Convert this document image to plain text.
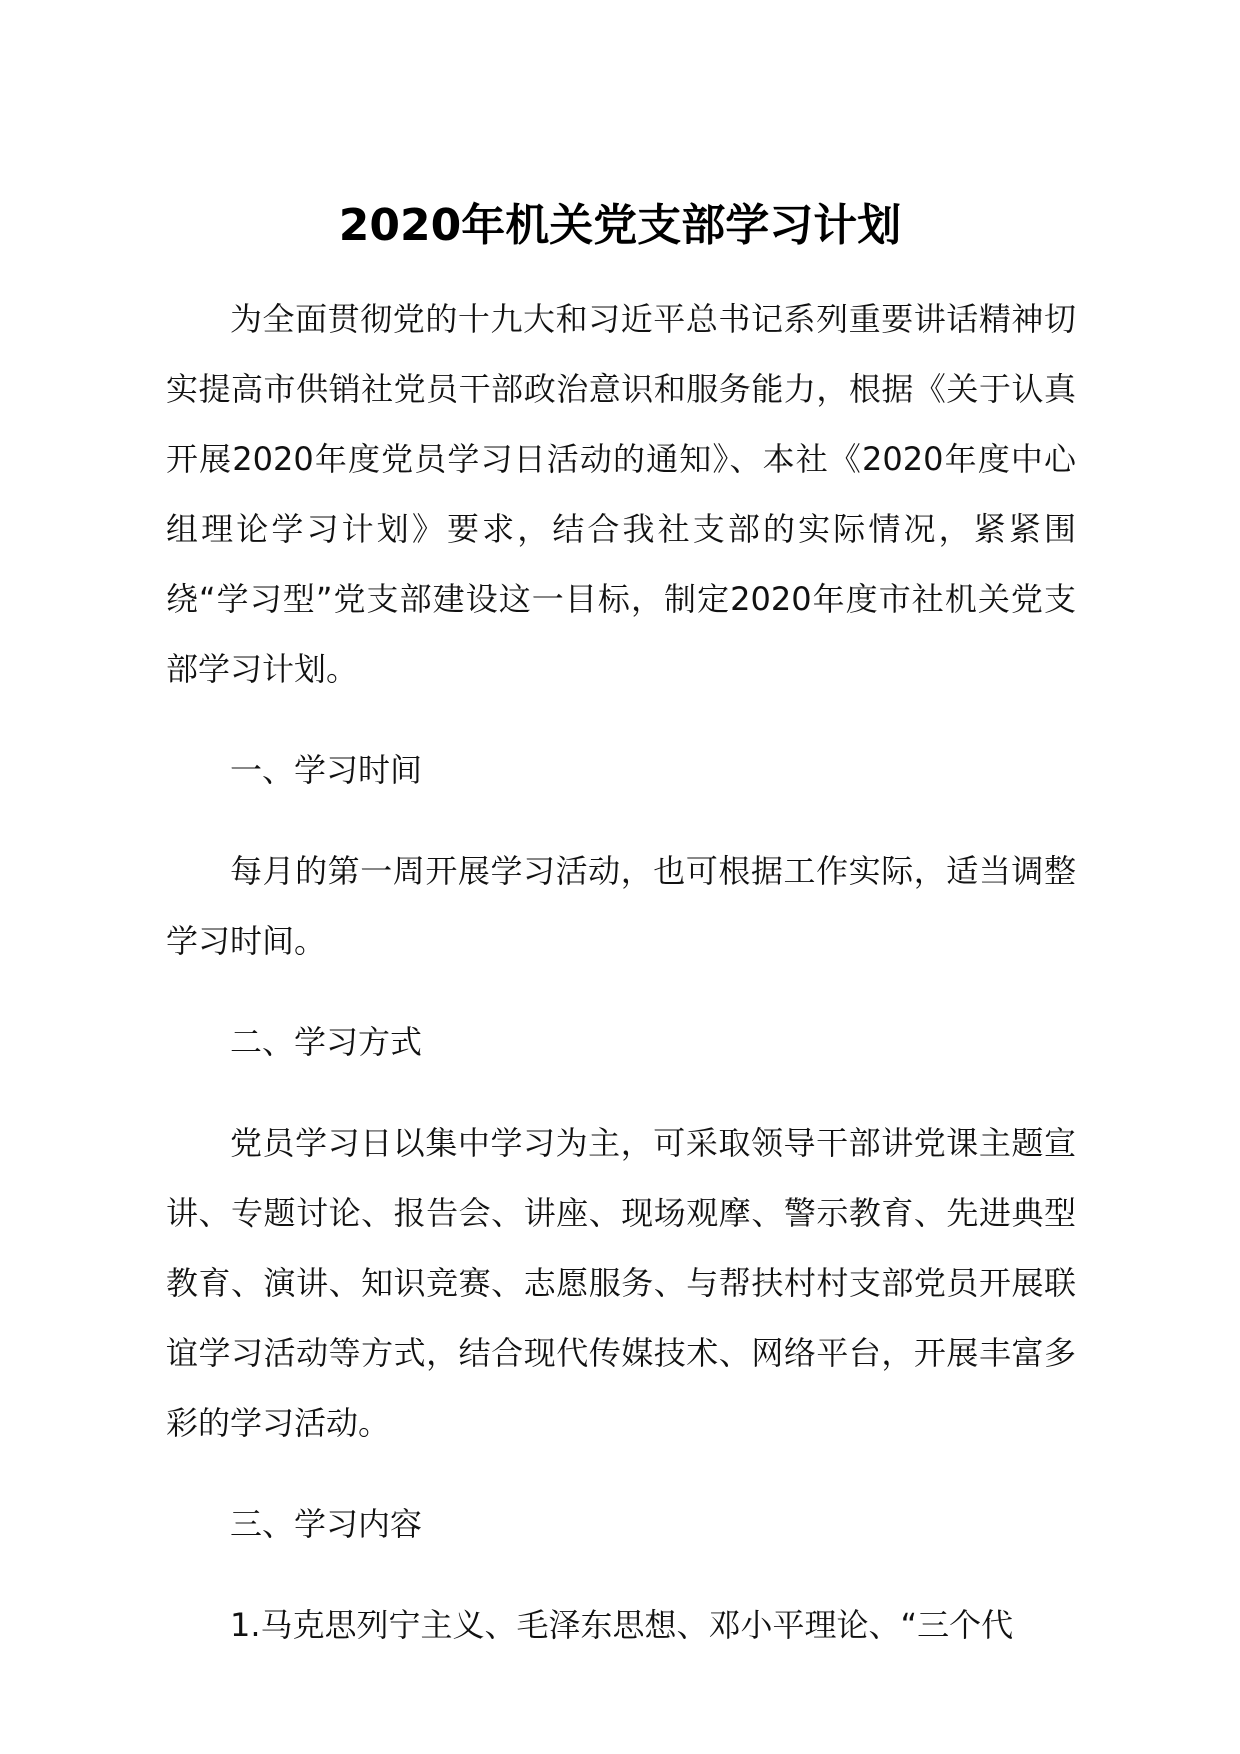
2020年机关党支部学习计划

为全面贯彻党的十九大和习近平总书记系列重要讲话精神切实提高市供销社党员干部政治意识和服务能力，根据《关于认真开展2020年度党员学习日活动的通知》、本社《2020年度中心组理论学习计划》要求，结合我社支部的实际情况，紧紧围绕“学习型”党支部建设这一目标，制定2020年度市社机关党支部学习计划。

一、学习时间

每月的第一周开展学习活动，也可根据工作实际，适当调整学习时间。

二、学习方式

党员学习日以集中学习为主，可采取领导干部讲党课主题宣讲、专题讨论、报告会、讲座、现场观摩、警示教育、先进典型教育、演讲、知识竞赛、志愿服务、与帮扶村村支部党员开展联谊学习活动等方式，结合现代传媒技术、网络平台，开展丰富多彩的学习活动。

三、学习内容

1.马克思列宁主义、毛泽东思想、邓小平理论、“三个代
